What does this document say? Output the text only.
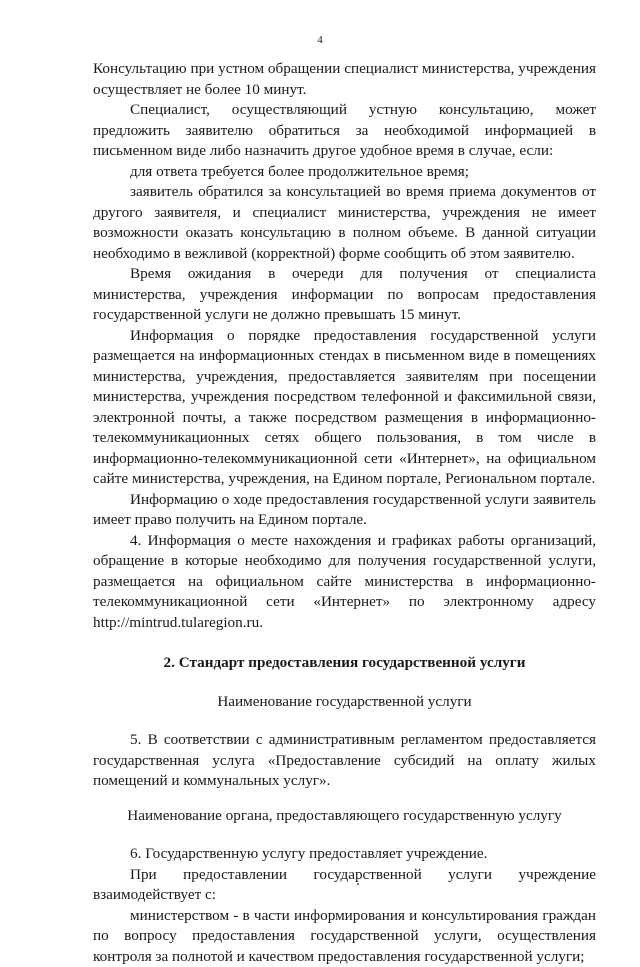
4

Консультацию при устном обращении специалист министерства, учреждения осуществляет не более 10 минут.

Специалист, осуществляющий устную консультацию, может предложить заявителю обратиться за необходимой информацией в письменном виде либо назначить другое удобное время в случае, если:

для ответа требуется более продолжительное время;

заявитель обратился за консультацией во время приема документов от другого заявителя, и специалист министерства, учреждения не имеет возможности оказать консультацию в полном объеме. В данной ситуации необходимо в вежливой (корректной) форме сообщить об этом заявителю.

Время ожидания в очереди для получения от специалиста министерства, учреждения информации по вопросам предоставления государственной услуги не должно превышать 15 минут.

Информация о порядке предоставления государственной услуги размещается на информационных стендах в письменном виде в помещениях министерства, учреждения, предоставляется заявителям при посещении министерства, учреждения посредством телефонной и факсимильной связи, электронной почты, а также посредством размещения в информационно-телекоммуникационных сетях общего пользования, в том числе в информационно-телекоммуникационной сети «Интернет», на официальном сайте министерства, учреждения, на Едином портале, Региональном портале.

Информацию о ходе предоставления государственной услуги заявитель имеет право получить на Едином портале.

4. Информация о месте нахождения и графиках работы организаций, обращение в которые необходимо для получения государственной услуги, размещается на официальном сайте министерства в информационно-телекоммуникационной сети «Интернет» по электронному адресу http://mintrud.tularegion.ru.

2. Стандарт предоставления государственной услуги

Наименование государственной услуги

5. В соответствии с административным регламентом предоставляется государственная услуга «Предоставление субсидий на оплату жилых помещений и коммунальных услуг».

Наименование органа, предоставляющего государственную услугу

6. Государственную услугу предоставляет учреждение.

При предоставлении государственной услуги учреждение взаимодействует с:

министерством - в части информирования и консультирования граждан по вопросу предоставления государственной услуги, осуществления контроля за полнотой и качеством предоставления государственной услуги;
